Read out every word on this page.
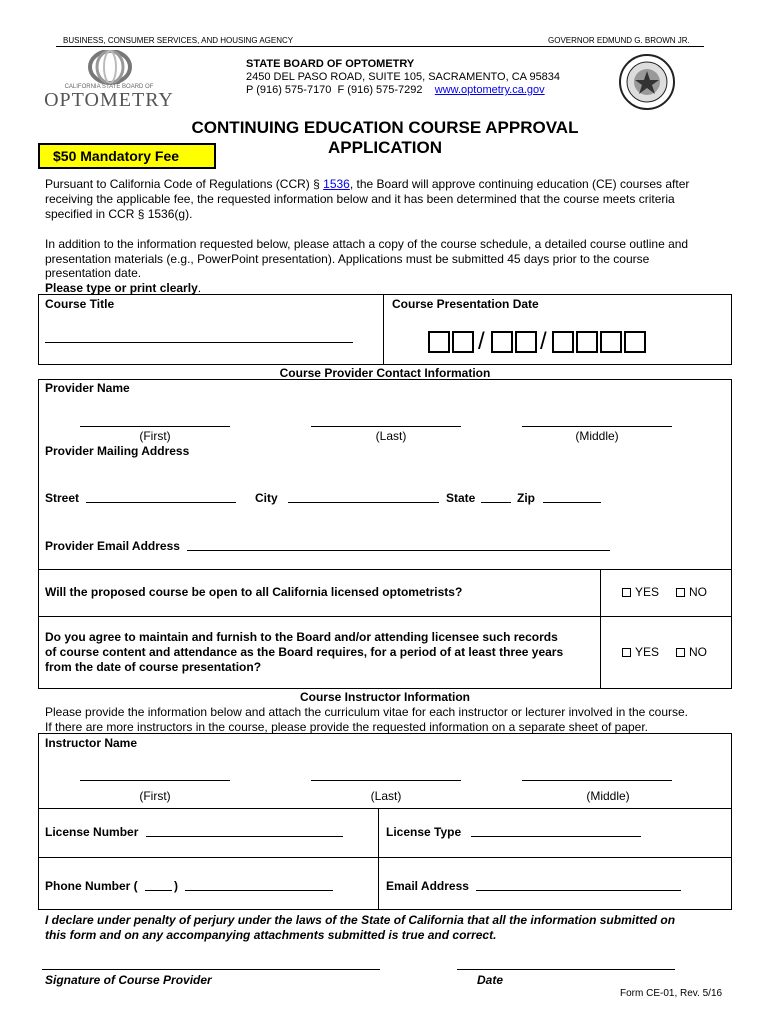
BUSINESS, CONSUMER SERVICES, AND HOUSING AGENCY	GOVERNOR EDMUND G. BROWN JR.
CALIFORNIA STATE BOARD OF
OPTOMETRY
STATE BOARD OF OPTOMETRY
2450 DEL PASO ROAD, SUITE 105, SACRAMENTO, CA 95834
P (916) 575-7170  F (916) 575-7292 www.optometry.ca.gov
CONTINUING EDUCATION COURSE APPROVAL
APPLICATION
$50 Mandatory Fee
Pursuant to California Code of Regulations (CCR) § 1536, the Board will approve continuing education (CE) courses after
receiving the applicable fee, the requested information below and it has been determined that the course meets criteria
specified in CCR § 1536(g).
In addition to the information requested below, please attach a copy of the course schedule, a detailed course outline and
presentation materials (e.g., PowerPoint presentation). Applications must be submitted 45 days prior to the course
presentation date.
Please type or print clearly.
Course Title	Course Presentation Date
/ /
Course Provider Contact Information
Provider Name
(First)	(Last)	(Middle)
Provider Mailing Address
Street	City	State	Zip
Provider Email Address
Will the proposed course be open to all California licensed optometrists?	YES	NO
Do you agree to maintain and furnish to the Board and/or attending licensee such records
of course content and attendance as the Board requires, for a period of at least three years
from the date of course presentation?
YES	NO
Course Instructor Information
Please provide the information below and attach the curriculum vitae for each instructor or lecturer involved in the course.
If there are more instructors in the course, please provide the requested information on a separate sheet of paper.
Instructor Name
(First)	(Last)	(Middle)
License Number	License Type
Phone Number (	)	Email Address
I declare under penalty of perjury under the laws of the State of California that all the information submitted on
this form and on any accompanying attachments submitted is true and correct.
Signature of Course Provider	Date
Form CE-01, Rev. 5/16
